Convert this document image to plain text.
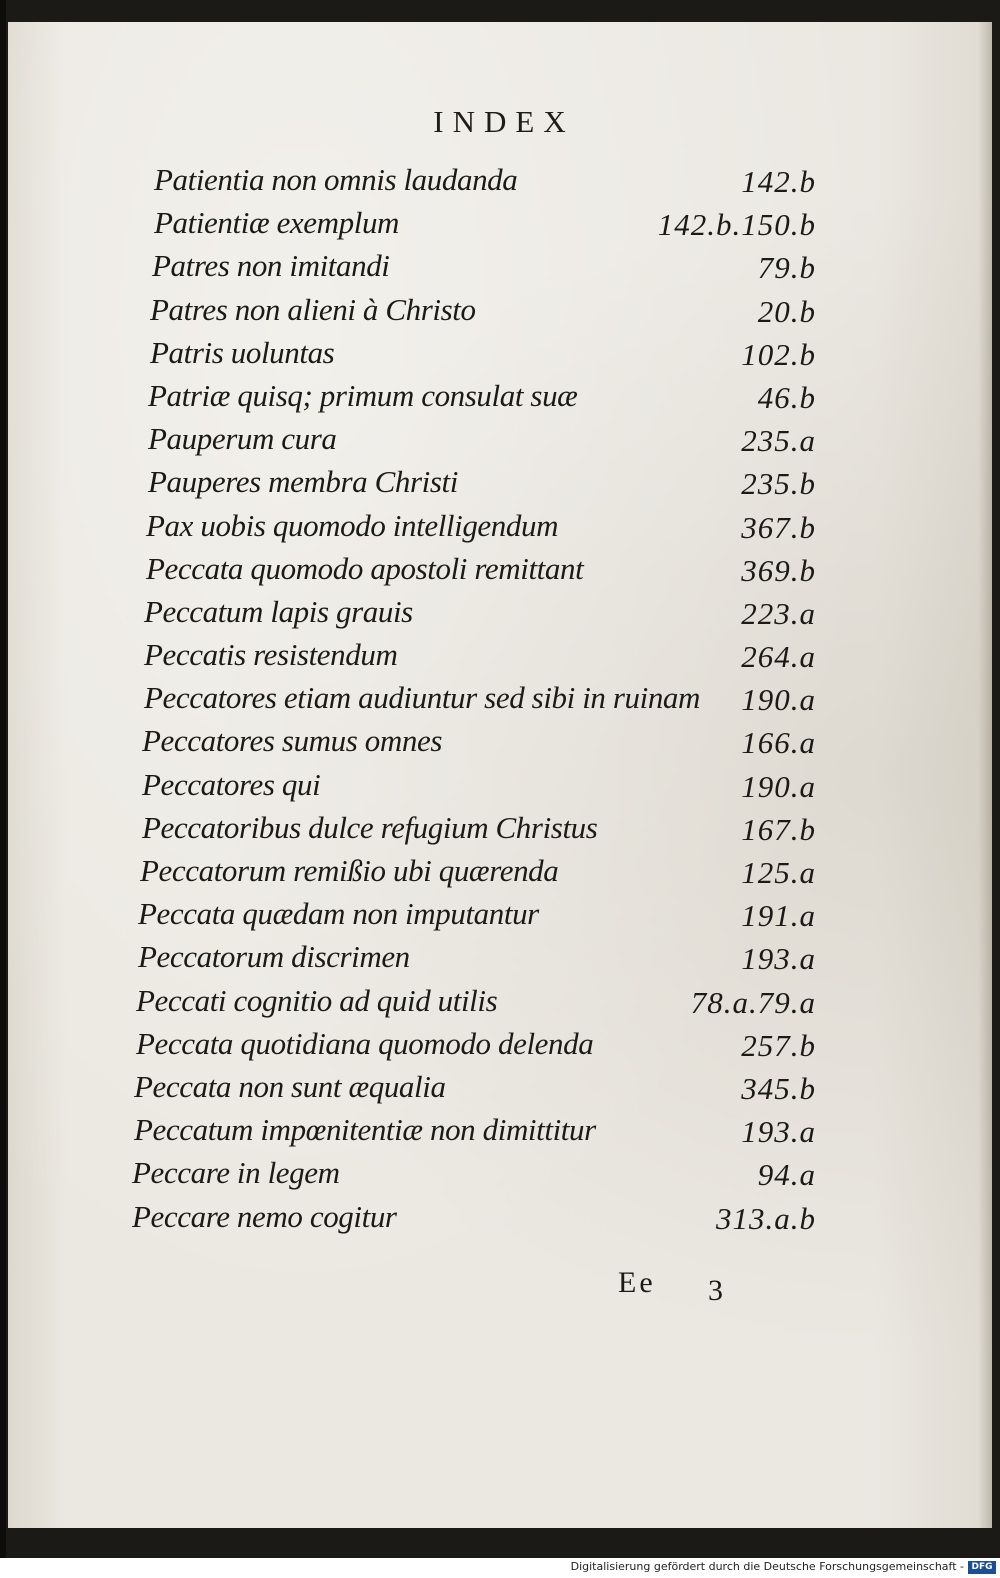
INDEX
Patientia non omnis laudanda	142.b
Patientiæ exemplum	142.b.150.b
Patres non imitandi	79.b
Patres non alieni à Christo	20.b
Patris uoluntas	102.b
Patriæ quisq; primum consulat suæ	46.b
Pauperum cura	235.a
Pauperes membra Christi	235.b
Pax uobis quomodo intelligendum	367.b
Peccata quomodo apostoli remittant	369.b
Peccatum lapis grauis	223.a
Peccatis resistendum	264.a
Peccatores etiam audiuntur sed sibi in ruinam 190.a
Peccatores sumus omnes	166.a
Peccatores qui	190.a
Peccatoribus dulce refugium Christus	167.b
Peccatorum remißio ubi quærenda	125.a
Peccata quædam non imputantur	191.a
Peccatorum discrimen	193.a
Peccati cognitio ad quid utilis	78.a.79.a
Peccata quotidiana quomodo delenda	257.b
Peccata non sunt æqualia	345.b
Peccatum impœnitentiæ non dimittitur	193.a
Peccare in legem	94.a
Peccare nemo cogitur	313.a.b
Ee 3
Digitalisierung gefördert durch die Deutsche Forschungsgemeinschaft - DFG
